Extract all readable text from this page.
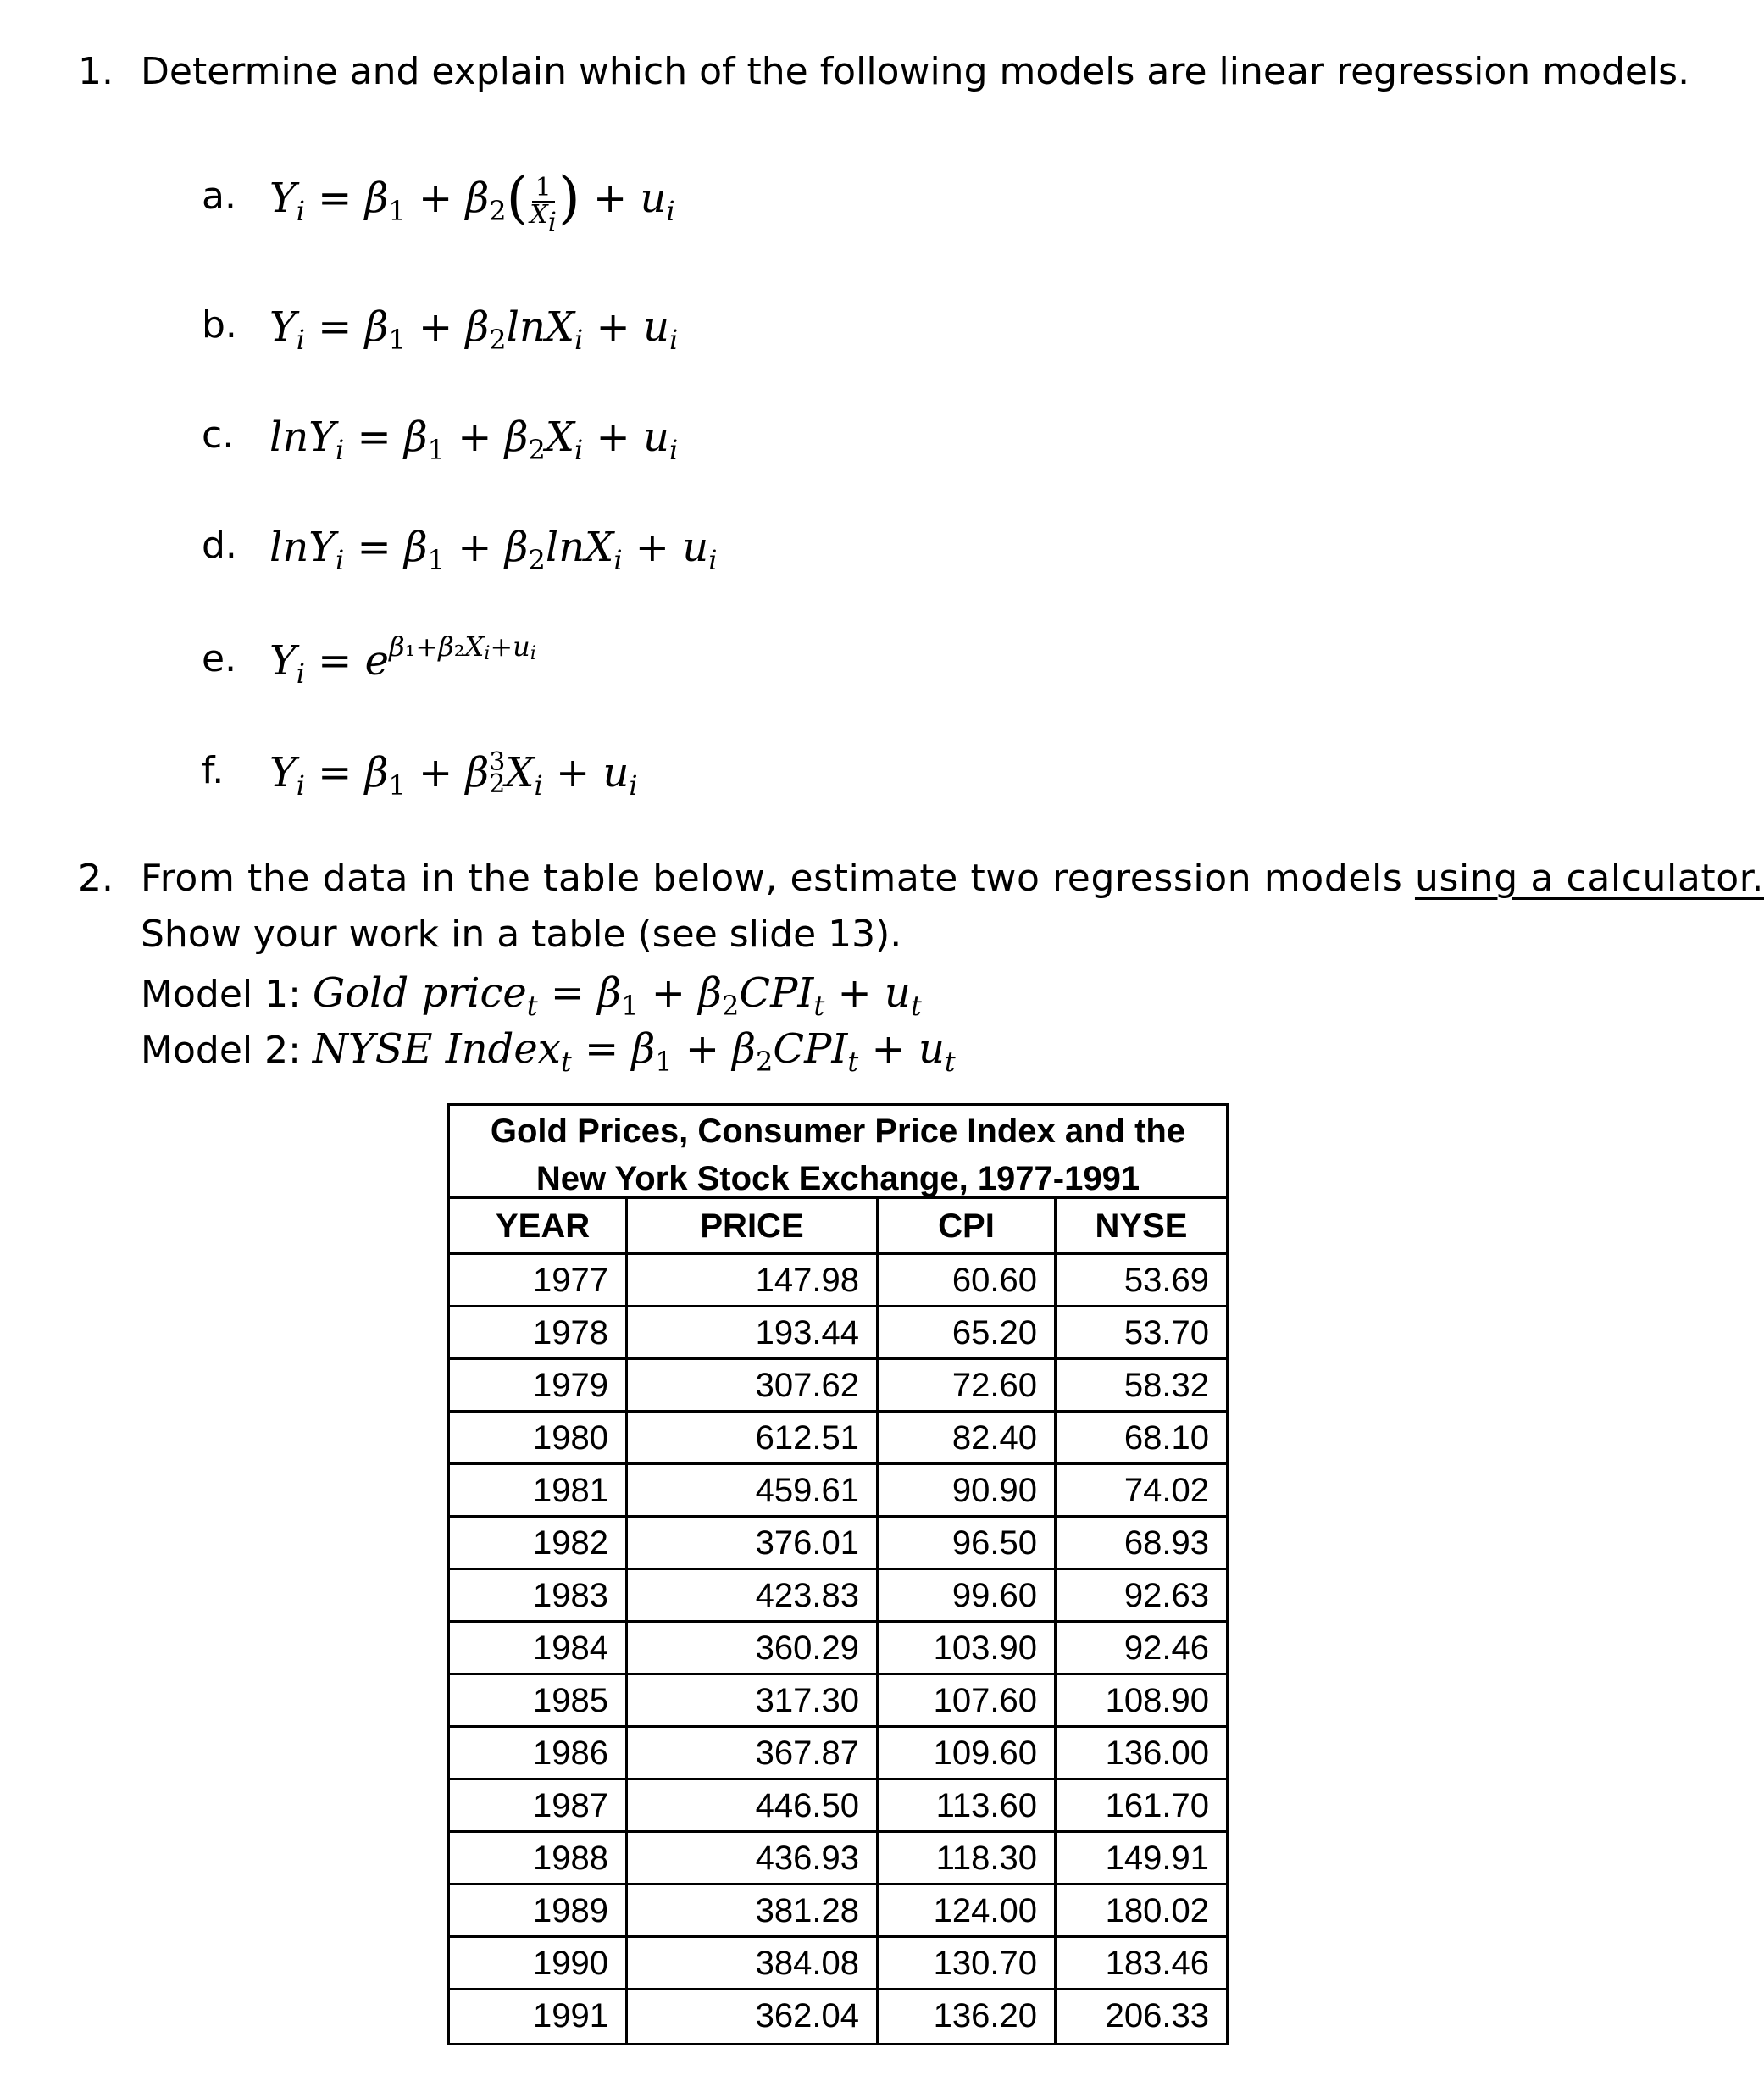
1. Determine and explain which of the following models are linear regression models.
a. $Y_i = \beta_1 + \beta_2( \frac{1}{X_i}$ ) + $u_i$
b. $Y_i = \beta_1 + \beta_2\ln X_i + u_i$
c. $\ln Y_i = \beta_1 + \beta_2X_i + u_i$
d. $\ln Y_i = \beta_1 + \beta_2\ln X_i + u_i$
e. $Y_i = e^{\beta_1+\beta_2X_i+u_i}$
f. $Y_i = \beta_1 + \beta$ 3
2 $X_i + u_i$
2. From the data in the table below, estimate two regression models using a calculator.
Show your work in a table (see slide 13).
Model 1: Gold price$_t$ = $\beta_1 + \beta_2CPI_t + u_t$
Model 2: NYSE Index$_t$ = $\beta_1 + \beta_2CPI_t + u_t$
Gold Prices, Consumer Price Index and the
New York Stock Exchange, 1977-1991
YEAR	PRICE	CPI	NYSE
1977	147.98	60.60	53.69
1978	193.44	65.20	53.70
1979	307.62	72.60	58.32
1980	612.51	82.40	68.10
1981	459.61	90.90	74.02
1982	376.01	96.50	68.93
1983	423.83	99.60	92.63
1984	360.29	103.90	92.46
1985	317.30	107.60	108.90
1986	367.87	109.60	136.00
1987	446.50	113.60	161.70
1988	436.93	118.30	149.91
1989	381.28	124.00	180.02
1990	384.08	130.70	183.46
1991	362.04	136.20	206.33
